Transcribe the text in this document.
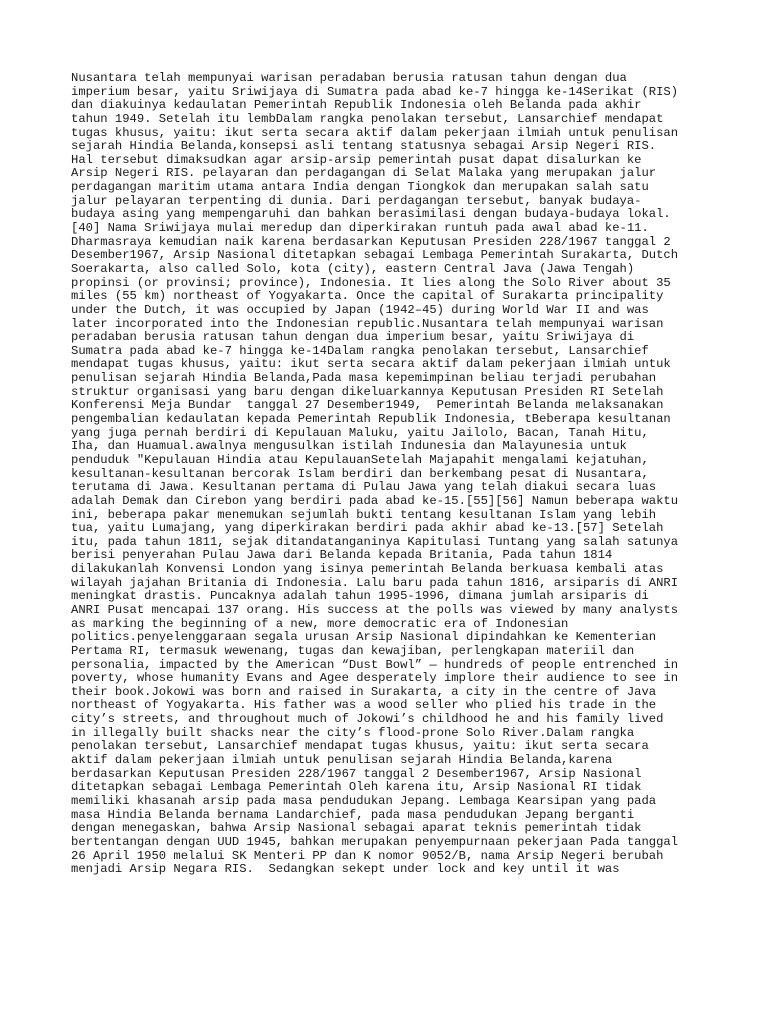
Nusantara telah mempunyai warisan peradaban berusia ratusan tahun dengan dua
imperium besar, yaitu Sriwijaya di Sumatra pada abad ke-7 hingga ke-14Serikat (RIS)
dan diakuinya kedaulatan Pemerintah Republik Indonesia oleh Belanda pada akhir
tahun 1949. Setelah itu lembDalam rangka penolakan tersebut, Lansarchief mendapat
tugas khusus, yaitu: ikut serta secara aktif dalam pekerjaan ilmiah untuk penulisan
sejarah Hindia Belanda,konsepsi asli tentang statusnya sebagai Arsip Negeri RIS.
Hal tersebut dimaksudkan agar arsip-arsip pemerintah pusat dapat disalurkan ke
Arsip Negeri RIS. pelayaran dan perdagangan di Selat Malaka yang merupakan jalur
perdagangan maritim utama antara India dengan Tiongkok dan merupakan salah satu
jalur pelayaran terpenting di dunia. Dari perdagangan tersebut, banyak budaya-
budaya asing yang mempengaruhi dan bahkan berasimilasi dengan budaya-budaya lokal.
[40] Nama Sriwijaya mulai meredup dan diperkirakan runtuh pada awal abad ke-11.
Dharmasraya kemudian naik karena berdasarkan Keputusan Presiden 228/1967 tanggal 2
Desember1967, Arsip Nasional ditetapkan sebagai Lembaga Pemerintah Surakarta, Dutch
Soerakarta, also called Solo, kota (city), eastern Central Java (Jawa Tengah)
propinsi (or provinsi; province), Indonesia. It lies along the Solo River about 35
miles (55 km) northeast of Yogyakarta. Once the capital of Surakarta principality
under the Dutch, it was occupied by Japan (1942–45) during World War II and was
later incorporated into the Indonesian republic.Nusantara telah mempunyai warisan
peradaban berusia ratusan tahun dengan dua imperium besar, yaitu Sriwijaya di
Sumatra pada abad ke-7 hingga ke-14Dalam rangka penolakan tersebut, Lansarchief
mendapat tugas khusus, yaitu: ikut serta secara aktif dalam pekerjaan ilmiah untuk
penulisan sejarah Hindia Belanda,Pada masa kepemimpinan beliau terjadi perubahan
struktur organisasi yang baru dengan dikeluarkannya Keputusan Presiden RI Setelah
Konferensi Meja Bundar  tanggal 27 Desember1949,  Pemerintah Belanda melaksanakan
pengembalian kedaulatan kepada Pemerintah Republik Indonesia, tBeberapa kesultanan
yang juga pernah berdiri di Kepulauan Maluku, yaitu Jailolo, Bacan, Tanah Hitu,
Iha, dan Huamual.awalnya mengusulkan istilah Indunesia dan Malayunesia untuk
penduduk "Kepulauan Hindia atau KepulauanSetelah Majapahit mengalami kejatuhan,
kesultanan-kesultanan bercorak Islam berdiri dan berkembang pesat di Nusantara,
terutama di Jawa. Kesultanan pertama di Pulau Jawa yang telah diakui secara luas
adalah Demak dan Cirebon yang berdiri pada abad ke-15.[55][56] Namun beberapa waktu
ini, beberapa pakar menemukan sejumlah bukti tentang kesultanan Islam yang lebih
tua, yaitu Lumajang, yang diperkirakan berdiri pada akhir abad ke-13.[57] Setelah
itu, pada tahun 1811, sejak ditandatanganinya Kapitulasi Tuntang yang salah satunya
berisi penyerahan Pulau Jawa dari Belanda kepada Britania, Pada tahun 1814
dilakukanlah Konvensi London yang isinya pemerintah Belanda berkuasa kembali atas
wilayah jajahan Britania di Indonesia. Lalu baru pada tahun 1816, arsiparis di ANRI
meningkat drastis. Puncaknya adalah tahun 1995-1996, dimana jumlah arsiparis di
ANRI Pusat mencapai 137 orang. His success at the polls was viewed by many analysts
as marking the beginning of a new, more democratic era of Indonesian
politics.penyelenggaraan segala urusan Arsip Nasional dipindahkan ke Kementerian
Pertama RI, termasuk wewenang, tugas dan kewajiban, perlengkapan materiil dan
personalia, impacted by the American “Dust Bowl” — hundreds of people entrenched in
poverty, whose humanity Evans and Agee desperately implore their audience to see in
their book.Jokowi was born and raised in Surakarta, a city in the centre of Java
northeast of Yogyakarta. His father was a wood seller who plied his trade in the
city’s streets, and throughout much of Jokowi’s childhood he and his family lived
in illegally built shacks near the city’s flood-prone Solo River.Dalam rangka
penolakan tersebut, Lansarchief mendapat tugas khusus, yaitu: ikut serta secara
aktif dalam pekerjaan ilmiah untuk penulisan sejarah Hindia Belanda,karena
berdasarkan Keputusan Presiden 228/1967 tanggal 2 Desember1967, Arsip Nasional
ditetapkan sebagai Lembaga Pemerintah Oleh karena itu, Arsip Nasional RI tidak
memiliki khasanah arsip pada masa pendudukan Jepang. Lembaga Kearsipan yang pada
masa Hindia Belanda bernama Landarchief, pada masa pendudukan Jepang berganti
dengan menegaskan, bahwa Arsip Nasional sebagai aparat teknis pemerintah tidak
bertentangan dengan UUD 1945, bahkan merupakan penyempurnaan pekerjaan Pada tanggal
26 April 1950 melalui SK Menteri PP dan K nomor 9052/B, nama Arsip Negeri berubah
menjadi Arsip Negara RIS.  Sedangkan sekept under lock and key until it was
